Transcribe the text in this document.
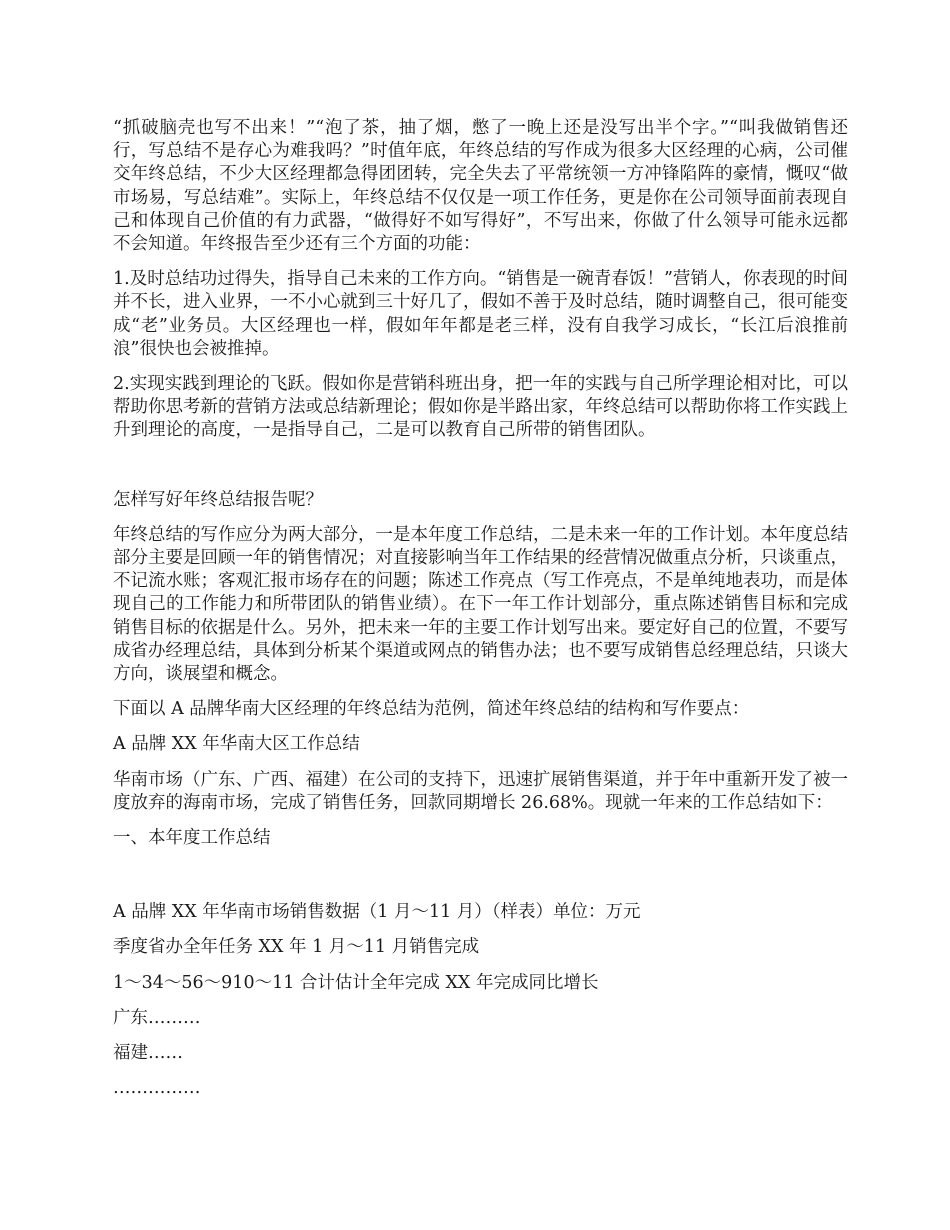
“抓破脑壳也写不出来！”“泡了茶，抽了烟，憋了一晚上还是没写出半个字。”“叫我做销售还行，写总结不是存心为难我吗？”时值年底，年终总结的写作成为很多大区经理的心病，公司催交年终总结，不少大区经理都急得团团转，完全失去了平常统领一方冲锋陷阵的豪情，慨叹“做市场易，写总结难”。实际上，年终总结不仅仅是一项工作任务，更是你在公司领导面前表现自己和体现自己价值的有力武器，“做得好不如写得好”，不写出来，你做了什么领导可能永远都不会知道。年终报告至少还有三个方面的功能：

1.及时总结功过得失，指导自己未来的工作方向。“销售是一碗青春饭！”营销人，你表现的时间并不长，进入业界，一不小心就到三十好几了，假如不善于及时总结，随时调整自己，很可能变成“老”业务员。大区经理也一样，假如年年都是老三样，没有自我学习成长，“长江后浪推前浪”很快也会被推掉。

2.实现实践到理论的飞跃。假如你是营销科班出身，把一年的实践与自己所学理论相对比，可以帮助你思考新的营销方法或总结新理论；假如你是半路出家，年终总结可以帮助你将工作实践上升到理论的高度，一是指导自己，二是可以教育自己所带的销售团队。

怎样写好年终总结报告呢？

年终总结的写作应分为两大部分，一是本年度工作总结，二是未来一年的工作计划。本年度总结部分主要是回顾一年的销售情况；对直接影响当年工作结果的经营情况做重点分析，只谈重点，不记流水账；客观汇报市场存在的问题；陈述工作亮点（写工作亮点，不是单纯地表功，而是体现自己的工作能力和所带团队的销售业绩）。在下一年工作计划部分，重点陈述销售目标和完成销售目标的依据是什么。另外，把未来一年的主要工作计划写出来。要定好自己的位置，不要写成省办经理总结，具体到分析某个渠道或网点的销售办法；也不要写成销售总经理总结，只谈大方向，谈展望和概念。

下面以 A 品牌华南大区经理的年终总结为范例，简述年终总结的结构和写作要点：

A 品牌 XX 年华南大区工作总结

华南市场（广东、广西、福建）在公司的支持下，迅速扩展销售渠道，并于年中重新开发了被一度放弃的海南市场，完成了销售任务，回款同期增长 26.68%。现就一年来的工作总结如下：

一、本年度工作总结

A 品牌 XX 年华南市场销售数据（1 月～11 月）（样表）单位：万元

季度省办全年任务 XX 年 1 月～11 月销售完成

1～34～56～910～11 合计估计全年完成 XX 年完成同比增长

广东………

福建……

……………
